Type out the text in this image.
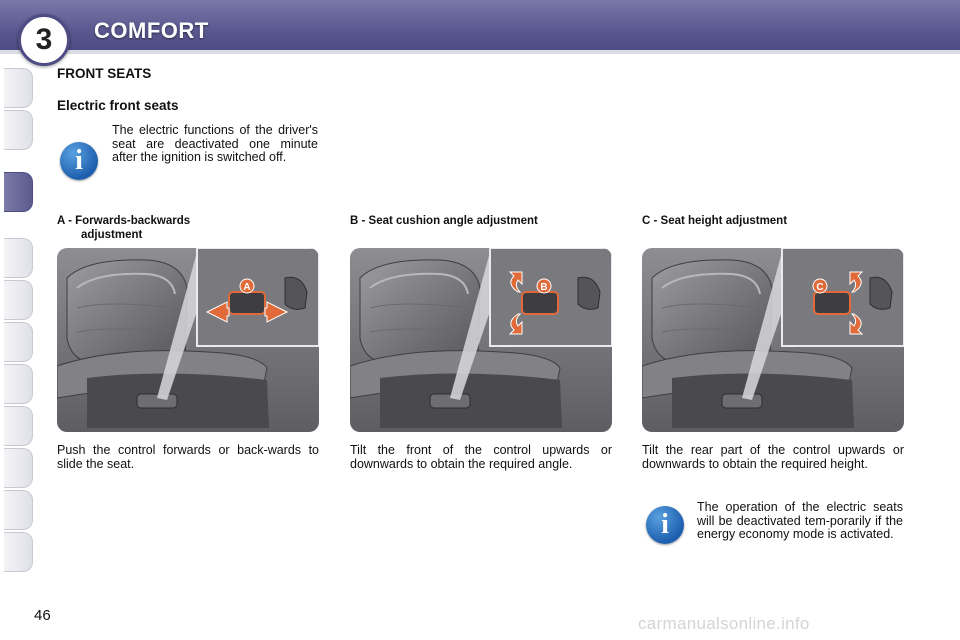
3	COMFORT
FRONT SEATS
Electric front seats
i
The electric functions of the driver's seat are deactivated one minute after the ignition is switched off.
A - Forwards-backwards
adjustment
A
Push the control forwards or back-wards to slide the seat.
B - Seat cushion angle adjustment
B
Tilt the front of the control upwards or downwards to obtain the required angle.
C - Seat height adjustment
C
Tilt the rear part of the control upwards or downwards to obtain the required height.
i
The operation of the electric seats will be deactivated tem-porarily if the energy economy mode is activated.
46	carmanualsonline.info
